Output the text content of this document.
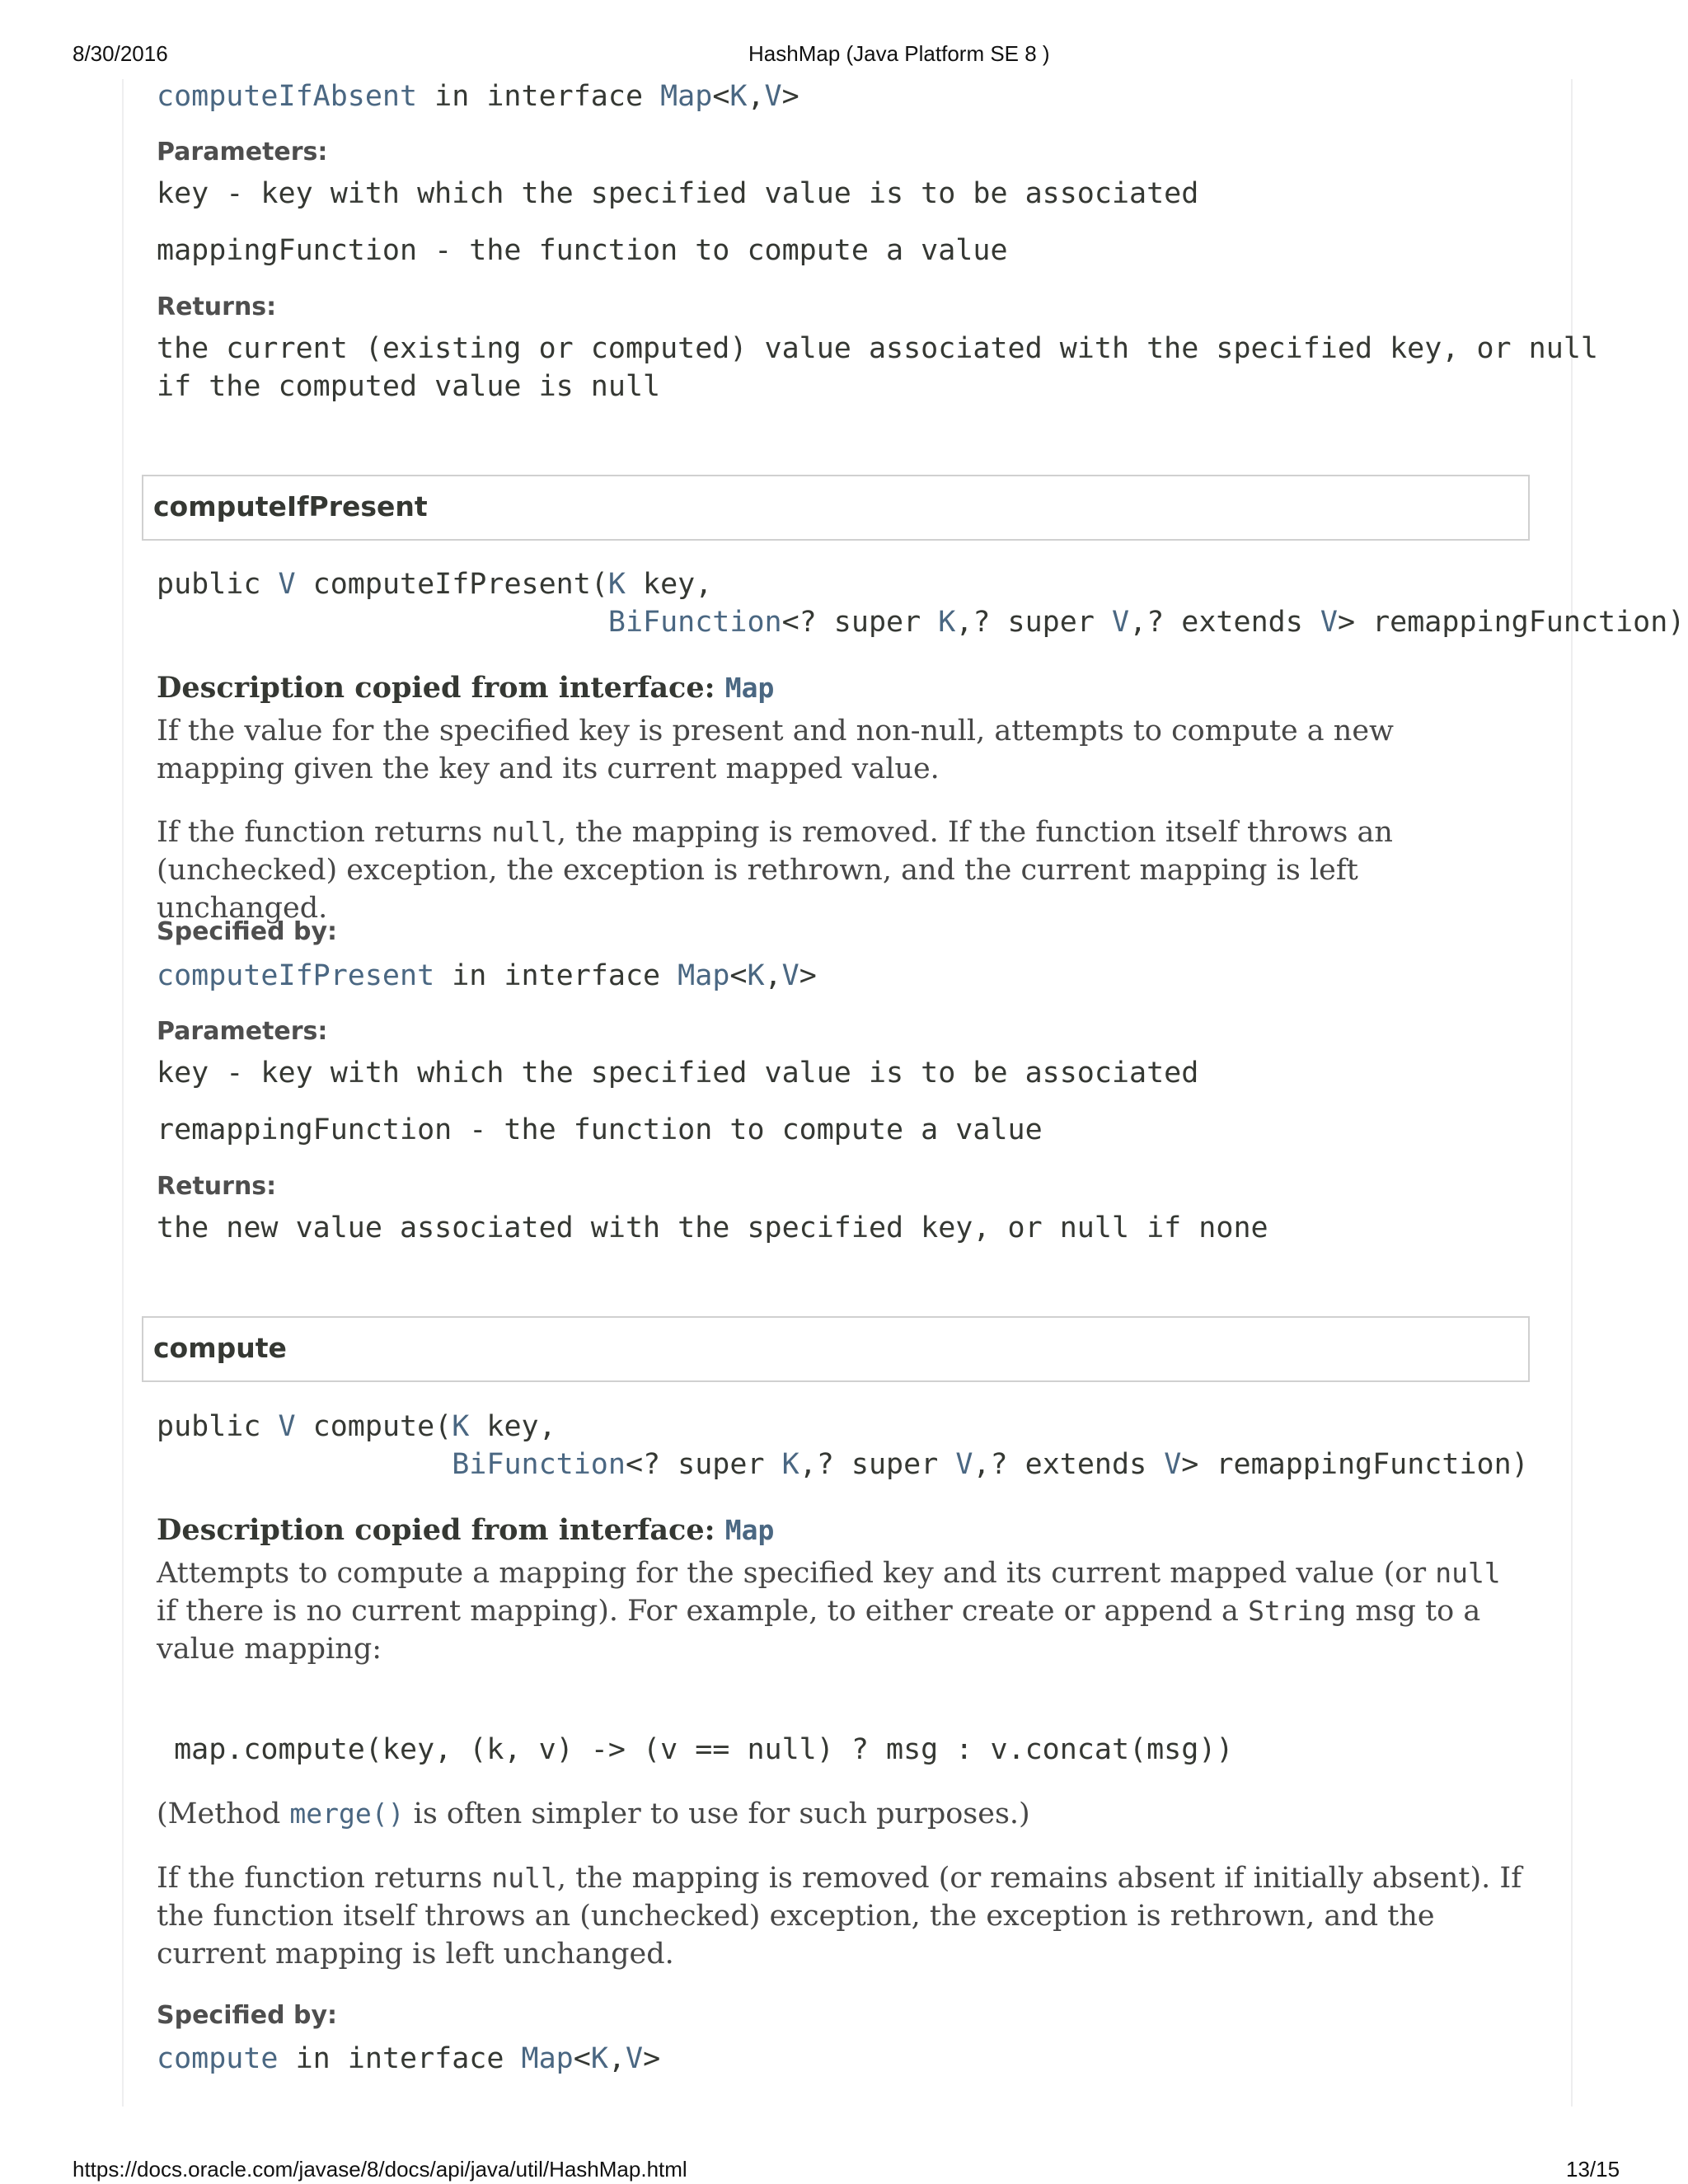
8/30/2016	HashMap (Java Platform SE 8 )
computeIfAbsent in interface Map<K,V>
Parameters:
key - key with which the specified value is to be associated
mappingFunction - the function to compute a value
Returns:
the current (existing or computed) value associated with the specified key, or null
if the computed value is null
computeIfPresent
public V computeIfPresent(K key,
BiFunction<? super K,? super V,? extends V> remappingFunction)
Description copied from interface: Map
If the value for the specified key is present and non-null, attempts to compute a new mapping given the key and its current mapped value.
If the function returns null, the mapping is removed. If the function itself throws an (unchecked) exception, the exception is rethrown, and the current mapping is left unchanged.
Specified by:
computeIfPresent in interface Map<K,V>
Parameters:
key - key with which the specified value is to be associated
remappingFunction - the function to compute a value
Returns:
the new value associated with the specified key, or null if none
compute
public V compute(K key,
BiFunction<? super K,? super V,? extends V> remappingFunction)
Description copied from interface: Map
Attempts to compute a mapping for the specified key and its current mapped value (or null if there is no current mapping). For example, to either create or append a String msg to a value mapping:
map.compute(key, (k, v) -> (v == null) ? msg : v.concat(msg))
(Method merge() is often simpler to use for such purposes.)
If the function returns null, the mapping is removed (or remains absent if initially absent). If the function itself throws an (unchecked) exception, the exception is rethrown, and the current mapping is left unchanged.
Specified by:
compute in interface Map<K,V>
https://docs.oracle.com/javase/8/docs/api/java/util/HashMap.html	13/15
